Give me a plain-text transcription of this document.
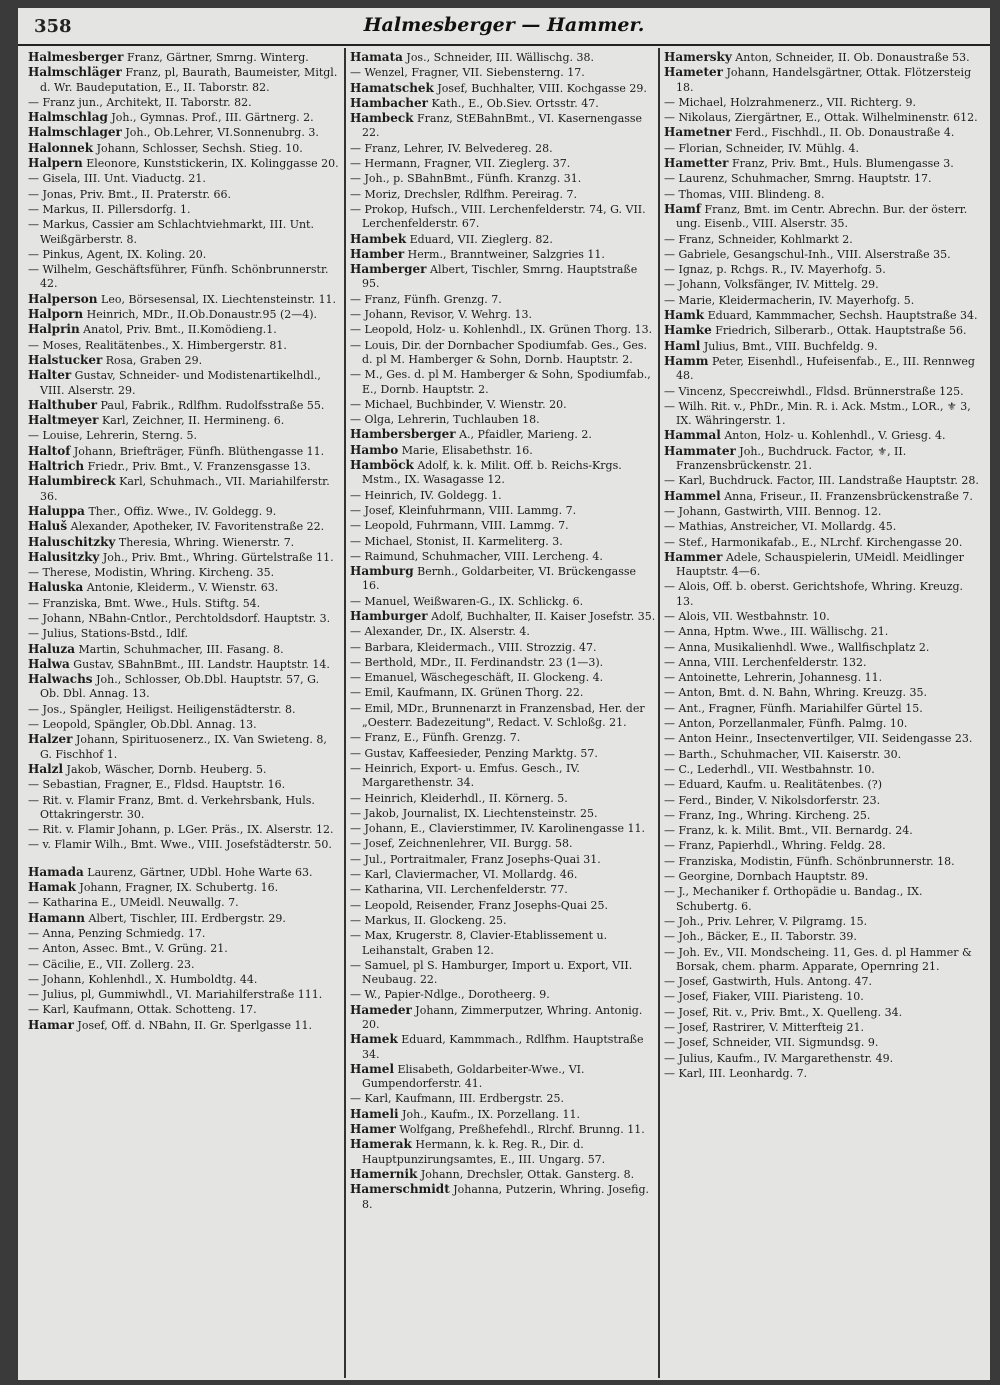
358	Halmesberger — Hammer.

Halmesberger Franz, Gärtner, Smrng. Winterg.

Halmschläger Franz, pl, Baurath, Baumeister, Mitgl. d. Wr. Baudeputation, E., II. Taborstr. 82.

— Franz jun., Architekt, II. Taborstr. 82.

Halmschlag Joh., Gymnas. Prof., III. Gärtnerg. 2.

Halmschlager Joh., Ob.Lehrer, VI.Sonnenubrg. 3.

Halonnek Johann, Schlosser, Sechsh. Stieg. 10.

Halpern Eleonore, Kunststickerin, IX. Kolinggasse 20.

— Gisela, III. Unt. Viaductg. 21.

— Jonas, Priv. Bmt., II. Praterstr. 66.

— Markus, II. Pillersdorfg. 1.

— Markus, Cassier am Schlachtviehmarkt, III. Unt. Weißgärberstr. 8.

— Pinkus, Agent, IX. Koling. 20.

— Wilhelm, Geschäftsführer, Fünfh. Schönbrunnerstr. 42.

Halperson Leo, Börsesensal, IX. Liechtensteinstr. 11.

Halporn Heinrich, MDr., II.Ob.Donaustr.95 (2—4).

Halprin Anatol, Priv. Bmt., II.Komödieng.1.

— Moses, Realitätenbes., X. Himbergerstr. 81.

Halstucker Rosa, Graben 29.

Halter Gustav, Schneider- und Modistenartikelhdl., VIII. Alserstr. 29.

Halthuber Paul, Fabrik., Rdlfhm. Rudolfsstraße 55.

Haltmeyer Karl, Zeichner, II. Hermineng. 6.

— Louise, Lehrerin, Sterng. 5.

Haltof Johann, Briefträger, Fünfh. Blüthengasse 11.

Haltrich Friedr., Priv. Bmt., V. Franzensgasse 13.

Halumbireck Karl, Schuhmach., VII. Mariahilferstr. 36.

Haluppa Ther., Offiz. Wwe., IV. Goldegg. 9.

Haluš Alexander, Apotheker, IV. Favoritenstraße 22.

Haluschitzky Theresia, Whring. Wienerstr. 7.

Halusitzky Joh., Priv. Bmt., Whring. Gürtelstraße 11.

— Therese, Modistin, Whring. Kircheng. 35.

Haluska Antonie, Kleiderm., V. Wienstr. 63.

— Franziska, Bmt. Wwe., Huls. Stiftg. 54.

— Johann, NBahn-Cntlor., Perchtoldsdorf. Hauptstr. 3.

— Julius, Stations-Bstd., Idlf.

Haluza Martin, Schuhmacher, III. Fasang. 8.

Halwa Gustav, SBahnBmt., III. Landstr. Hauptstr. 14.

Halwachs Joh., Schlosser, Ob.Dbl. Hauptstr. 57, G. Ob. Dbl. Annag. 13.

— Jos., Spängler, Heiligst. Heiligenstädterstr. 8.

— Leopold, Spängler, Ob.Dbl. Annag. 13.

Halzer Johann, Spirituosenerz., IX. Van Swieteng. 8, G. Fischhof 1.

Halzl Jakob, Wäscher, Dornb. Heuberg. 5.

— Sebastian, Fragner, E., Fldsd. Hauptstr. 16.

— Rit. v. Flamir Franz, Bmt. d. Verkehrsbank, Huls. Ottakringerstr. 30.

— Rit. v. Flamir Johann, p. LGer. Präs., IX. Alserstr. 12.

— v. Flamir Wilh., Bmt. Wwe., VIII. Josefstädterstr. 50.

Hamada Laurenz, Gärtner, UDbl. Hohe Warte 63.

Hamak Johann, Fragner, IX. Schubertg. 16.

— Katharina E., UMeidl. Neuwallg. 7.

Hamann Albert, Tischler, III. Erdbergstr. 29.

— Anna, Penzing Schmiedg. 17.

— Anton, Assec. Bmt., V. Grüng. 21.

— Cäcilie, E., VII. Zollerg. 23.

— Johann, Kohlenhdl., X. Humboldtg. 44.

— Julius, pl, Gummiwhdl., VI. Mariahilferstraße 111.

— Karl, Kaufmann, Ottak. Schotteng. 17.

Hamar Josef, Off. d. NBahn, II. Gr. Sperlgasse 11.

Hamata Jos., Schneider, III. Wällischg. 38.

— Wenzel, Fragner, VII. Siebensterng. 17.

Hamatschek Josef, Buchhalter, VIII. Kochgasse 29.

Hambacher Kath., E., Ob.Siev. Ortsstr. 47.

Hambeck Franz, StEBahnBmt., VI. Kasernengasse 22.

— Franz, Lehrer, IV. Belvedereg. 28.

— Hermann, Fragner, VII. Zieglerg. 37.

— Joh., p. SBahnBmt., Fünfh. Kranzg. 31.

— Moriz, Drechsler, Rdlfhm. Pereirag. 7.

— Prokop, Hufsch., VIII. Lerchenfelderstr. 74, G. VII. Lerchenfelderstr. 67.

Hambek Eduard, VII. Zieglerg. 82.

Hamber Herm., Branntweiner, Salzgries 11.

Hamberger Albert, Tischler, Smrng. Hauptstraße 95.

— Franz, Fünfh. Grenzg. 7.

— Johann, Revisor, V. Wehrg. 13.

— Leopold, Holz- u. Kohlenhdl., IX. Grünen Thorg. 13.

— Louis, Dir. der Dornbacher Spodiumfab. Ges., Ges. d. pl M. Hamberger & Sohn, Dornb. Hauptstr. 2.

— M., Ges. d. pl M. Hamberger & Sohn, Spodiumfab., E., Dornb. Hauptstr. 2.

— Michael, Buchbinder, V. Wienstr. 20.

— Olga, Lehrerin, Tuchlauben 18.

Hambersberger A., Pfaidler, Marieng. 2.

Hambo Marie, Elisabethstr. 16.

Hamböck Adolf, k. k. Milit. Off. b. Reichs-Krgs. Mstm., IX. Wasagasse 12.

— Heinrich, IV. Goldegg. 1.

— Josef, Kleinfuhrmann, VIII. Lammg. 7.

— Leopold, Fuhrmann, VIII. Lammg. 7.

— Michael, Stonist, II. Karmeliterg. 3.

— Raimund, Schuhmacher, VIII. Lercheng. 4.

Hamburg Bernh., Goldarbeiter, VI. Brückengasse 16.

— Manuel, Weißwaren-G., IX. Schlickg. 6.

Hamburger Adolf, Buchhalter, II. Kaiser Josefstr. 35.

— Alexander, Dr., IX. Alserstr. 4.

— Barbara, Kleidermach., VIII. Strozzig. 47.

— Berthold, MDr., II. Ferdinandstr. 23 (1—3).

— Emanuel, Wäschegeschäft, II. Glockeng. 4.

— Emil, Kaufmann, IX. Grünen Thorg. 22.

— Emil, MDr., Brunnenarzt in Franzensbad, Her. der „Oesterr. Badezeitung", Redact. V. Schloßg. 21.

— Franz, E., Fünfh. Grenzg. 7.

— Gustav, Kaffeesieder, Penzing Marktg. 57.

— Heinrich, Export- u. Emfus. Gesch., IV. Margarethenstr. 34.

— Heinrich, Kleiderhdl., II. Körnerg. 5.

— Jakob, Journalist, IX. Liechtensteinstr. 25.

— Johann, E., Clavierstimmer, IV. Karolinengasse 11.

— Josef, Zeichnenlehrer, VII. Burgg. 58.

— Jul., Portraitmaler, Franz Josephs-Quai 31.

— Karl, Claviermacher, VI. Mollardg. 46.

— Katharina, VII. Lerchenfelderstr. 77.

— Leopold, Reisender, Franz Josephs-Quai 25.

— Markus, II. Glockeng. 25.

— Max, Krugerstr. 8, Clavier-Etablissement u. Leihanstalt, Graben 12.

— Samuel, pl S. Hamburger, Import u. Export, VII. Neubaug. 22.

— W., Papier-Ndlge., Dorotheerg. 9.

Hameder Johann, Zimmerputzer, Whring. Antonig. 20.

Hamek Eduard, Kammmach., Rdlfhm. Hauptstraße 34.

Hamel Elisabeth, Goldarbeiter-Wwe., VI. Gumpendorferstr. 41.

— Karl, Kaufmann, III. Erdbergstr. 25.

Hameli Joh., Kaufm., IX. Porzellang. 11.

Hamer Wolfgang, Preßhefehdl., Rlrchf. Brunng. 11.

Hamerak Hermann, k. k. Reg. R., Dir. d. Hauptpunzirungsamtes, E., III. Ungarg. 57.

Hamernik Johann, Drechsler, Ottak. Gansterg. 8.

Hamerschmidt Johanna, Putzerin, Whring. Josefig. 8.

Hamersky Anton, Schneider, II. Ob. Donaustraße 53.

Hameter Johann, Handelsgärtner, Ottak. Flötzersteig 18.

— Michael, Holzrahmenerz., VII. Richterg. 9.

— Nikolaus, Ziergärtner, E., Ottak. Wilhelminenstr. 612.

Hametner Ferd., Fischhdl., II. Ob. Donaustraße 4.

— Florian, Schneider, IV. Mühlg. 4.

Hametter Franz, Priv. Bmt., Huls. Blumengasse 3.

— Laurenz, Schuhmacher, Smrng. Hauptstr. 17.

— Thomas, VIII. Blindeng. 8.

Hamf Franz, Bmt. im Centr. Abrechn. Bur. der österr. ung. Eisenb., VIII. Alserstr. 35.

— Franz, Schneider, Kohlmarkt 2.

— Gabriele, Gesangschul-Inh., VIII. Alserstraße 35.

— Ignaz, p. Rchgs. R., IV. Mayerhofg. 5.

— Johann, Volksfänger, IV. Mittelg. 29.

— Marie, Kleidermacherin, IV. Mayerhofg. 5.

Hamk Eduard, Kammmacher, Sechsh. Hauptstraße 34.

Hamke Friedrich, Silberarb., Ottak. Hauptstraße 56.

Haml Julius, Bmt., VIII. Buchfeldg. 9.

Hamm Peter, Eisenhdl., Hufeisenfab., E., III. Rennweg 48.

— Vincenz, Speccreiwhdl., Fldsd. Brünnerstraße 125.

— Wilh. Rit. v., PhDr., Min. R. i. Ack. Mstm., LOR., ⚜ 3, IX. Währingerstr. 1.

Hammal Anton, Holz- u. Kohlenhdl., V. Griesg. 4.

Hammater Joh., Buchdruck. Factor, ⚜, II. Franzensbrückenstr. 21.

— Karl, Buchdruck. Factor, III. Landstraße Hauptstr. 28.

Hammel Anna, Friseur., II. Franzensbrückenstraße 7.

— Johann, Gastwirth, VIII. Bennog. 12.

— Mathias, Anstreicher, VI. Mollardg. 45.

— Stef., Harmonikafab., E., NLrchf. Kirchengasse 20.

Hammer Adele, Schauspielerin, UMeidl. Meidlinger Hauptstr. 4—6.

— Alois, Off. b. oberst. Gerichtshofe, Whring. Kreuzg. 13.

— Alois, VII. Westbahnstr. 10.

— Anna, Hptm. Wwe., III. Wällischg. 21.

— Anna, Musikalienhdl. Wwe., Wallfischplatz 2.

— Anna, VIII. Lerchenfelderstr. 132.

— Antoinette, Lehrerin, Johannesg. 11.

— Anton, Bmt. d. N. Bahn, Whring. Kreuzg. 35.

— Ant., Fragner, Fünfh. Mariahilfer Gürtel 15.

— Anton, Porzellanmaler, Fünfh. Palmg. 10.

— Anton Heinr., Insectenvertilger, VII. Seidengasse 23.

— Barth., Schuhmacher, VII. Kaiserstr. 30.

— C., Lederhdl., VII. Westbahnstr. 10.

— Eduard, Kaufm. u. Realitätenbes. (?)

— Ferd., Binder, V. Nikolsdorferstr. 23.

— Franz, Ing., Whring. Kircheng. 25.

— Franz, k. k. Milit. Bmt., VII. Bernardg. 24.

— Franz, Papierhdl., Whring. Feldg. 28.

— Franziska, Modistin, Fünfh. Schönbrunnerstr. 18.

— Georgine, Dornbach Hauptstr. 89.

— J., Mechaniker f. Orthopädie u. Bandag., IX. Schubertg. 6.

— Joh., Priv. Lehrer, V. Pilgramg. 15.

— Joh., Bäcker, E., II. Taborstr. 39.

— Joh. Ev., VII. Mondscheing. 11, Ges. d. pl Hammer & Borsak, chem. pharm. Apparate, Opernring 21.

— Josef, Gastwirth, Huls. Antong. 47.

— Josef, Fiaker, VIII. Piaristeng. 10.

— Josef, Rit. v., Priv. Bmt., X. Quelleng. 34.

— Josef, Rastrirer, V. Mitterfteig 21.

— Josef, Schneider, VII. Sigmundsg. 9.

— Julius, Kaufm., IV. Margarethenstr. 49.

— Karl, III. Leonhardg. 7.
